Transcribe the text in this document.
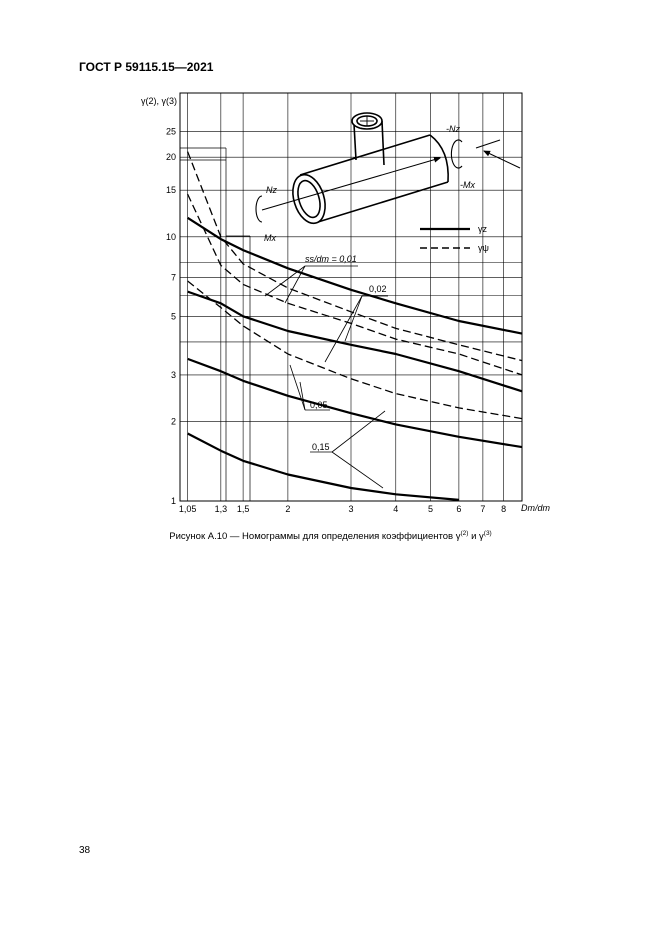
ГОСТ Р 59115.15—2021
1
2
3
5
7
10
15
20
25
1,05 1,3 1,5	2	3	4	5	6 7 8
γ(2), γ(3)
Dm/dm
-Nz
-Mx
Nz
Mx
γz
γψ
ss/dm = 0,01
0,02
0,05
0,15
Рисунок А.10 — Номограммы для определения коэффициентов $\gamma^{(2)}$ и $\gamma^{(3)}$
38
